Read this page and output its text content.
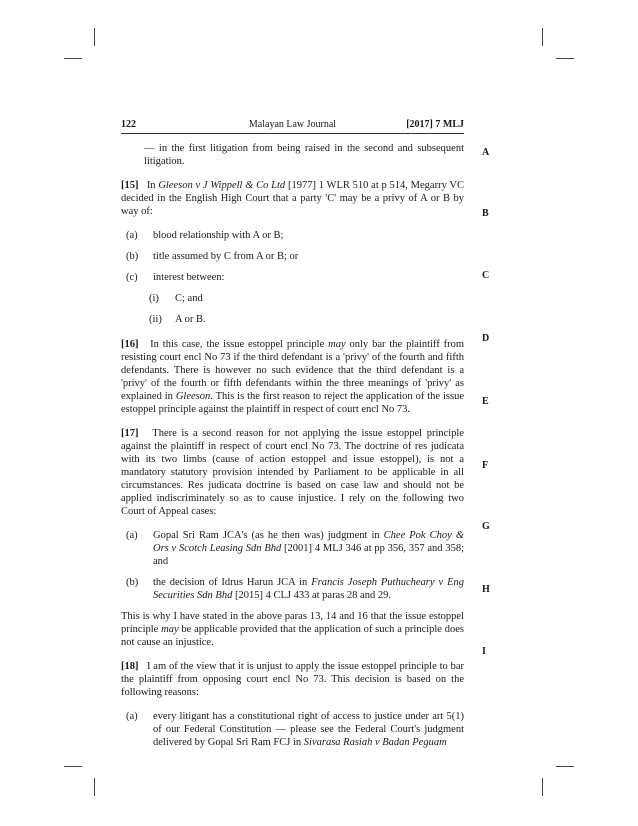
Malayan Law Journal
122	[2017] 7 MLJ
A
B
C
D
E
F
G
H
I

— in the first litigation from being raised in the second and subsequent litigation.

[15] In Gleeson v J Wippell & Co Ltd [1977] 1 WLR 510 at p 514, Megarry VC decided in the English High Court that a party 'C' may be a privy of A or B by way of:

(a) blood relationship with A or B;
(b) title assumed by C from A or B; or
(c) interest between:
(i) C; and
(ii) A or B.

[16] In this case, the issue estoppel principle may only bar the plaintiff from resisting court encl No 73 if the third defendant is a 'privy' of the fourth and fifth defendants. There is however no such evidence that the third defendant is a 'privy' of the fourth or fifth defendants within the three meanings of 'privy' as explained in Gleeson. This is the first reason to reject the application of the issue estoppel principle against the plaintiff in respect of court encl No 73.

[17] There is a second reason for not applying the issue estoppel principle against the plaintiff in respect of court encl No 73. The doctrine of res judicata with its two limbs (cause of action estoppel and issue estoppel), is not a mandatory statutory provision intended by Parliament to be applicable in all circumstances. Res judicata doctrine is based on case law and should not be applied indiscriminately so as to cause injustice. I rely on the following two Court of Appeal cases:

(a) Gopal Sri Ram JCA's (as he then was) judgment in Chee Pok Choy & Ors v Scotch Leasing Sdn Bhd [2001] 4 MLJ 346 at pp 356, 357 and 358; and
(b) the decision of Idrus Harun JCA in Francis Joseph Puthucheary v Eng Securities Sdn Bhd [2015] 4 CLJ 433 at paras 28 and 29.

This is why I have stated in the above paras 13, 14 and 16 that the issue estoppel principle may be applicable provided that the application of such a principle does not cause an injustice.

[18] I am of the view that it is unjust to apply the issue estoppel principle to bar the plaintiff from opposing court encl No 73. This decision is based on the following reasons:

(a) every litigant has a constitutional right of access to justice under art 5(1) of our Federal Constitution — please see the Federal Court's judgment delivered by Gopal Sri Ram FCJ in Sivarasa Rasiah v Badan Peguam
